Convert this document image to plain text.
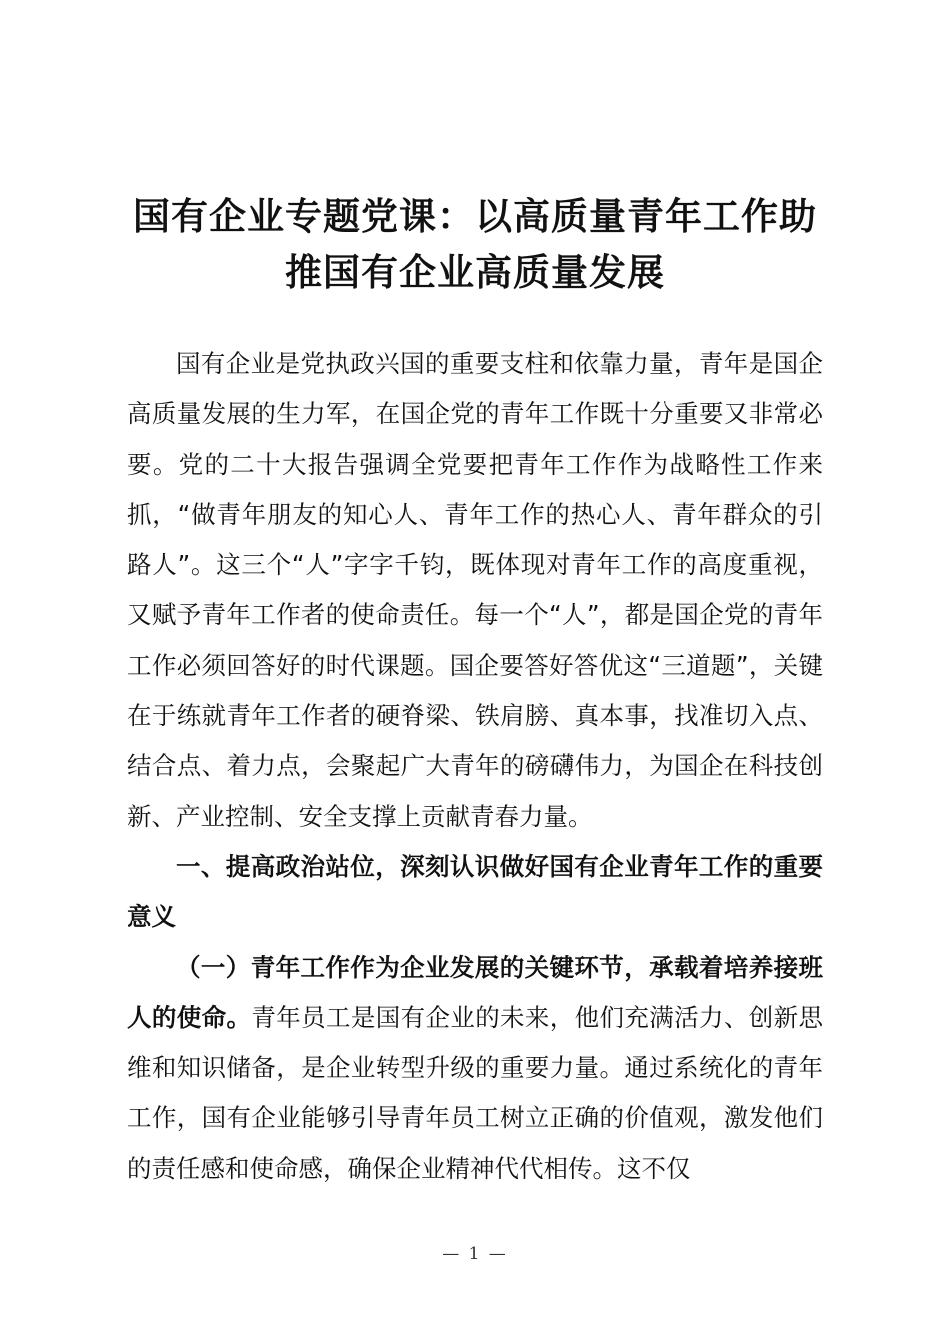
国有企业专题党课：以高质量青年工作助
推国有企业高质量发展

国有企业是党执政兴国的重要支柱和依靠力量，青年是国企高质量发展的生力军，在国企党的青年工作既十分重要又非常必要。党的二十大报告强调全党要把青年工作作为战略性工作来抓，“做青年朋友的知心人、青年工作的热心人、青年群众的引路人”。这三个“人”字字千钧，既体现对青年工作的高度重视，又赋予青年工作者的使命责任。每一个“人”，都是国企党的青年工作必须回答好的时代课题。国企要答好答优这“三道题”，关键在于练就青年工作者的硬脊梁、铁肩膀、真本事，找准切入点、结合点、着力点，会聚起广大青年的磅礴伟力，为国企在科技创新、产业控制、安全支撑上贡献青春力量。

一、提高政治站位，深刻认识做好国有企业青年工作的重要意义

（一）青年工作作为企业发展的关键环节，承载着培养接班人的使命。青年员工是国有企业的未来，他们充满活力、创新思维和知识储备，是企业转型升级的重要力量。通过系统化的青年工作，国有企业能够引导青年员工树立正确的价值观，激发他们的责任感和使命感，确保企业精神代代相传。这不仅

— 1 —
